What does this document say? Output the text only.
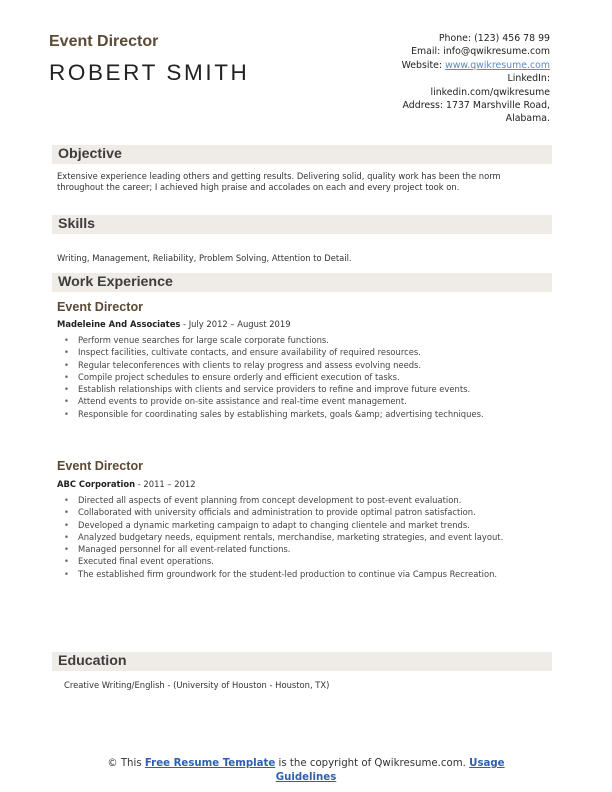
Event Director
ROBERT SMITH
Phone: (123) 456 78 99
Email: info@qwikresume.com
Website: www.qwikresume.com
LinkedIn:
linkedin.com/qwikresume
Address: 1737 Marshville Road,
Alabama.
Objective
Extensive experience leading others and getting results. Delivering solid, quality work has been the norm throughout the career; I achieved high praise and accolades on each and every project took on.
Skills
Writing, Management, Reliability, Problem Solving, Attention to Detail.
Work Experience
Event Director
Madeleine And Associates - July 2012 – August 2019
• Perform venue searches for large scale corporate functions.
• Inspect facilities, cultivate contacts, and ensure availability of required resources.
• Regular teleconferences with clients to relay progress and assess evolving needs.
• Compile project schedules to ensure orderly and efficient execution of tasks.
• Establish relationships with clients and service providers to refine and improve future events.
• Attend events to provide on-site assistance and real-time event management.
• Responsible for coordinating sales by establishing markets, goals &amp; advertising techniques.
Event Director
ABC Corporation - 2011 – 2012
• Directed all aspects of event planning from concept development to post-event evaluation.
• Collaborated with university officials and administration to provide optimal patron satisfaction.
• Developed a dynamic marketing campaign to adapt to changing clientele and market trends.
• Analyzed budgetary needs, equipment rentals, merchandise, marketing strategies, and event layout.
• Managed personnel for all event-related functions.
• Executed final event operations.
• The established firm groundwork for the student-led production to continue via Campus Recreation.
Education
Creative Writing/English - (University of Houston - Houston, TX)
© This Free Resume Template is the copyright of Qwikresume.com. Usage
Guidelines
